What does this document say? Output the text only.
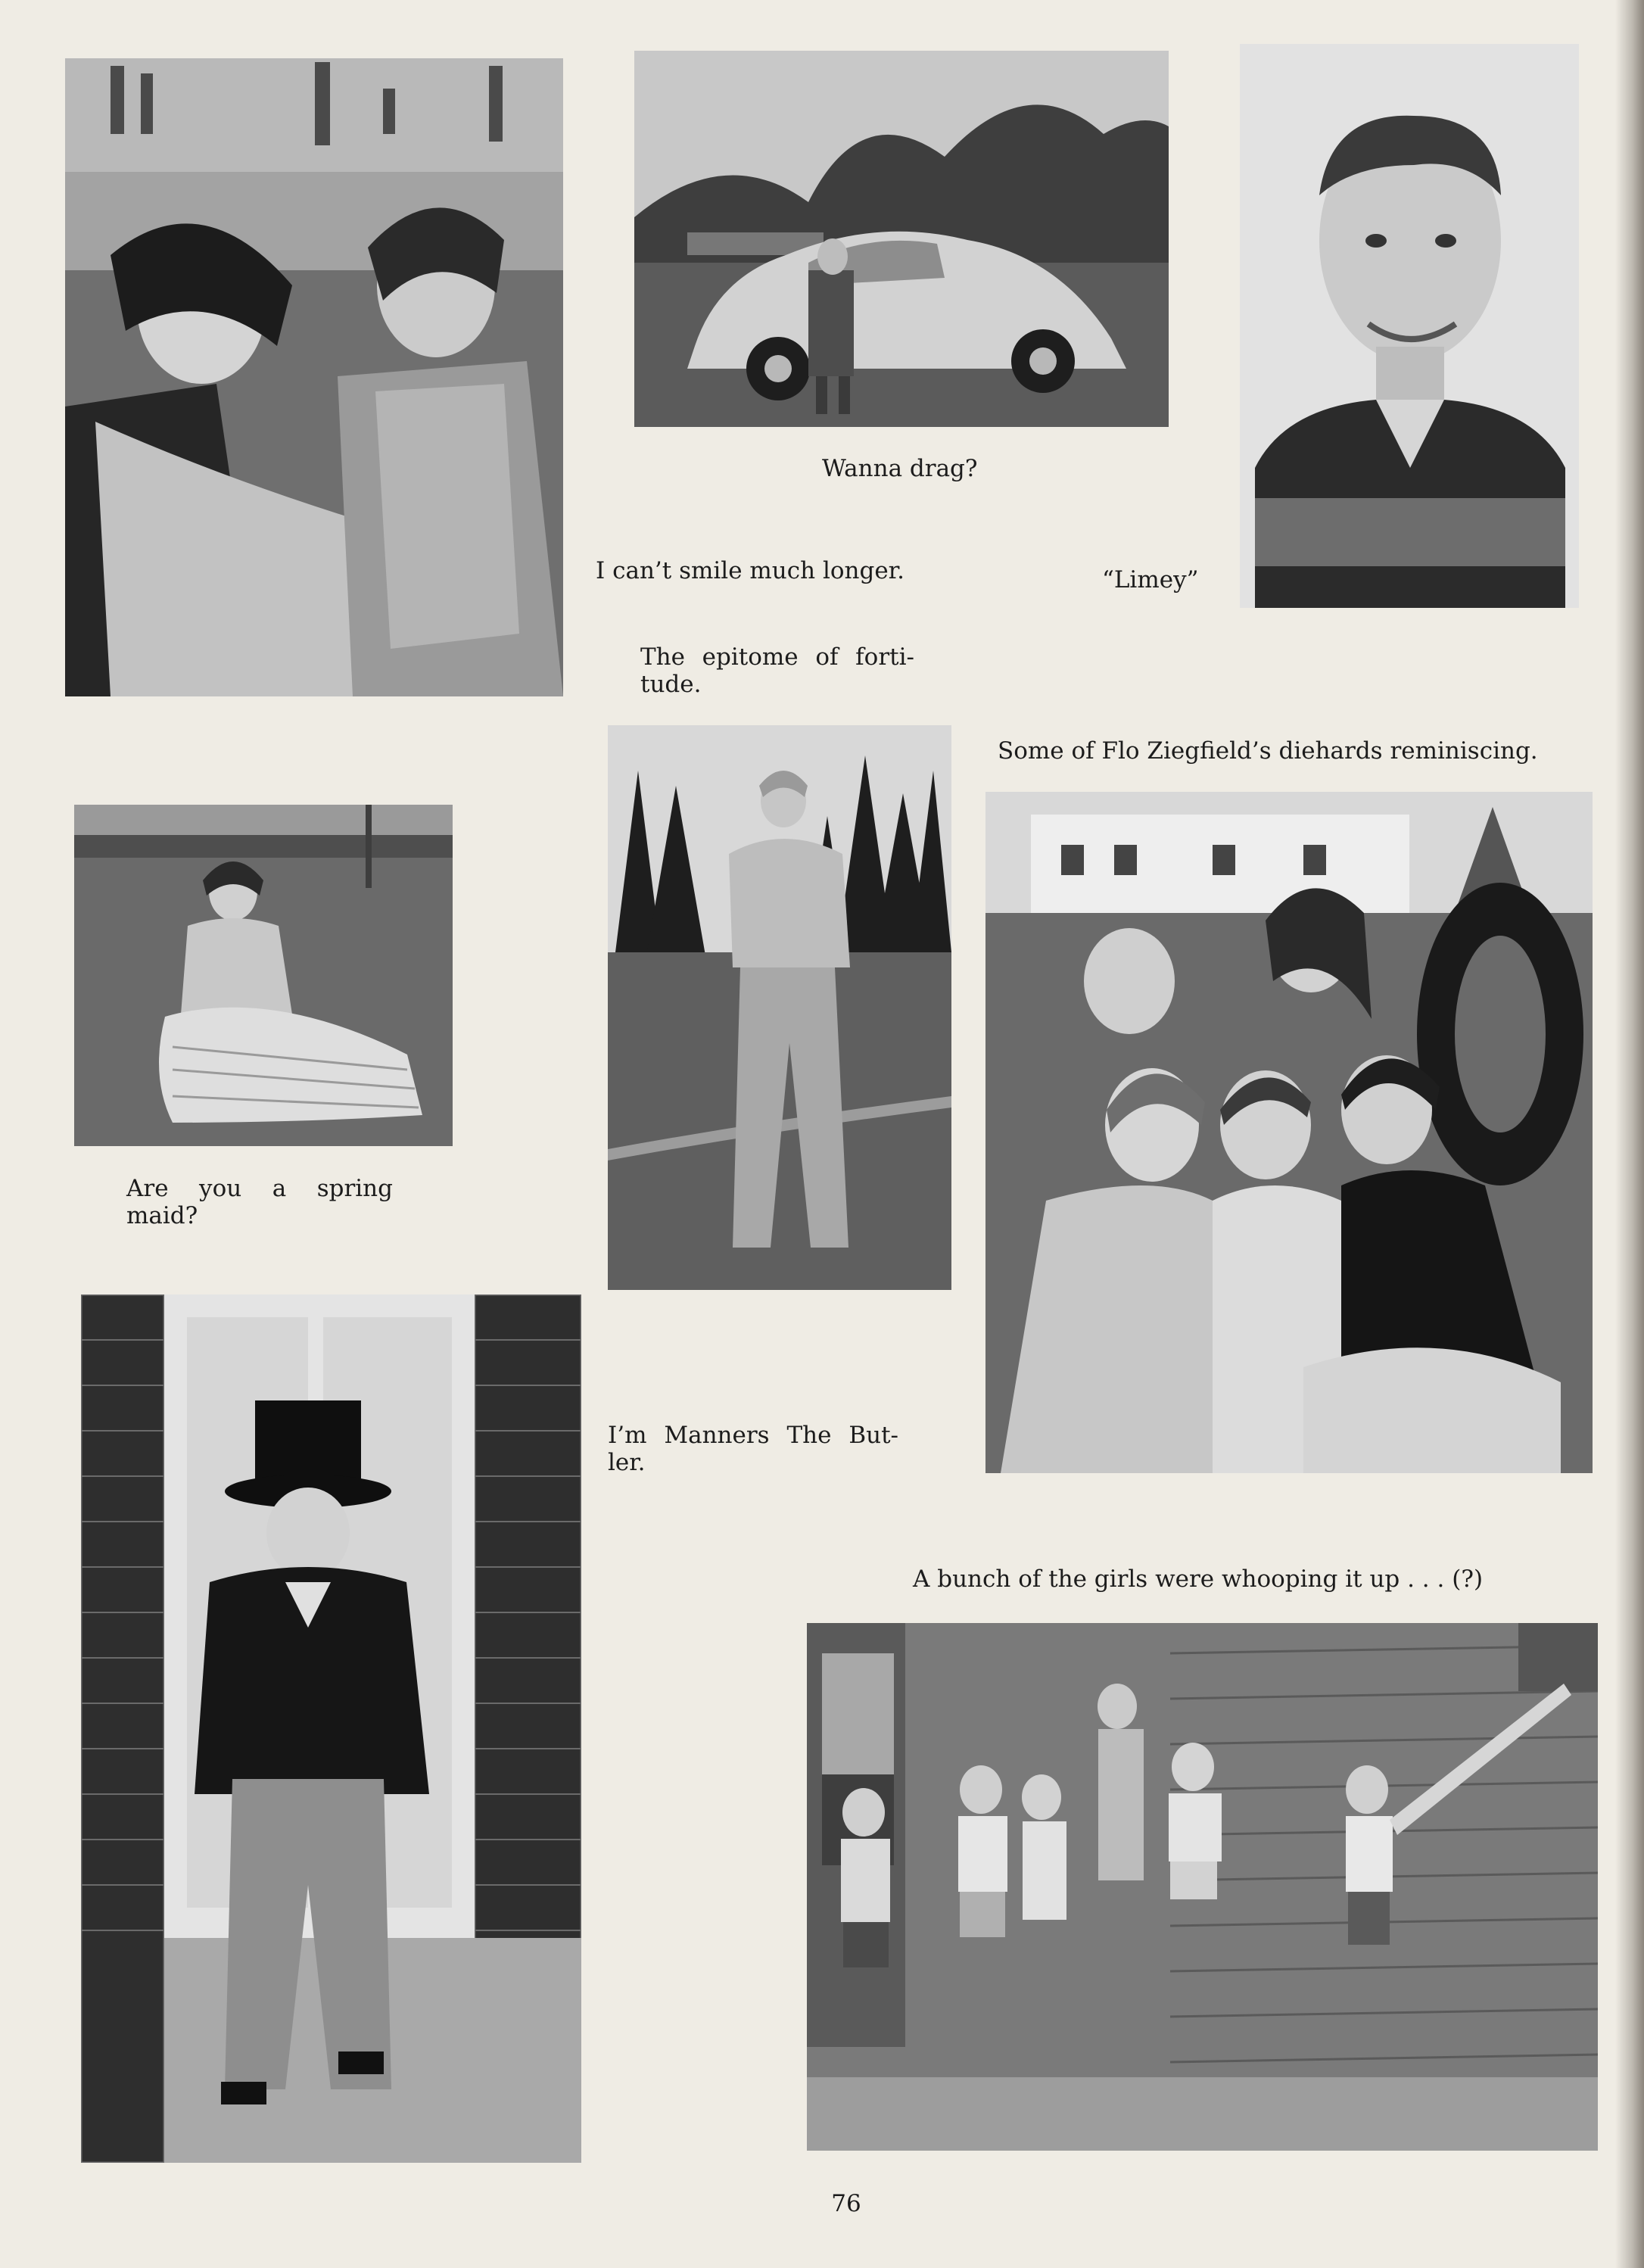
Wanna drag?
I can’t smile much longer.	“Limey”
The epitome of forti- tude.
Some of Flo Ziegfield’s diehards reminiscing.
Are you a spring maid?
I’m Manners The But- ler.
A bunch of the girls were whooping it up . . . (?)
76
